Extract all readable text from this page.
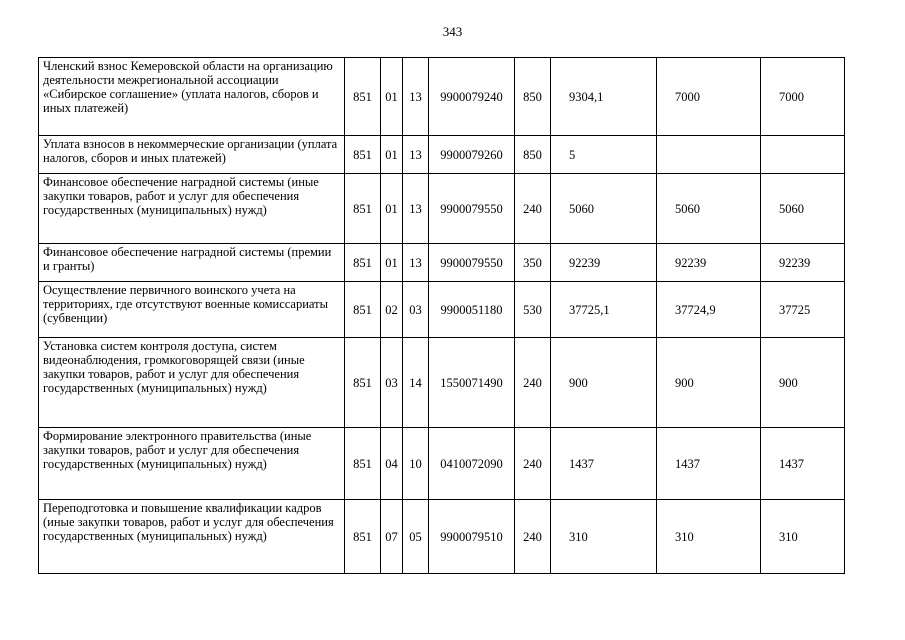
343
Членский взнос Кемеровской области на организацию деятельности межрегиональной ассоциации «Сибирское соглашение» (уплата налогов, сборов и иных платежей)	851	01	13	9900079240	850	9304,1	7000	7000
Уплата взносов в некоммерческие организации (уплата налогов, сборов и иных платежей)	851	01	13	9900079260	850	5		
Финансовое обеспечение наградной системы (иные закупки товаров, работ и услуг для обеспечения государственных (муниципальных) нужд)	851	01	13	9900079550	240	5060	5060	5060
Финансовое обеспечение наградной системы (премии и гранты)	851	01	13	9900079550	350	92239	92239	92239
Осуществление первичного воинского учета на территориях, где отсутствуют военные комиссариаты (субвенции)	851	02	03	9900051180	530	37725,1	37724,9	37725
Установка систем контроля доступа, систем видеонаблюдения, громкоговорящей связи (иные закупки товаров, работ и услуг для обеспечения государственных (муниципальных) нужд)	851	03	14	1550071490	240	900	900	900
Формирование электронного правительства (иные закупки товаров, работ и услуг для обеспечения государственных (муниципальных) нужд)	851	04	10	0410072090	240	1437	1437	1437
Переподготовка и повышение квалификации кадров (иные закупки товаров, работ и услуг для обеспечения государственных (муниципальных) нужд)	851	07	05	9900079510	240	310	310	310
